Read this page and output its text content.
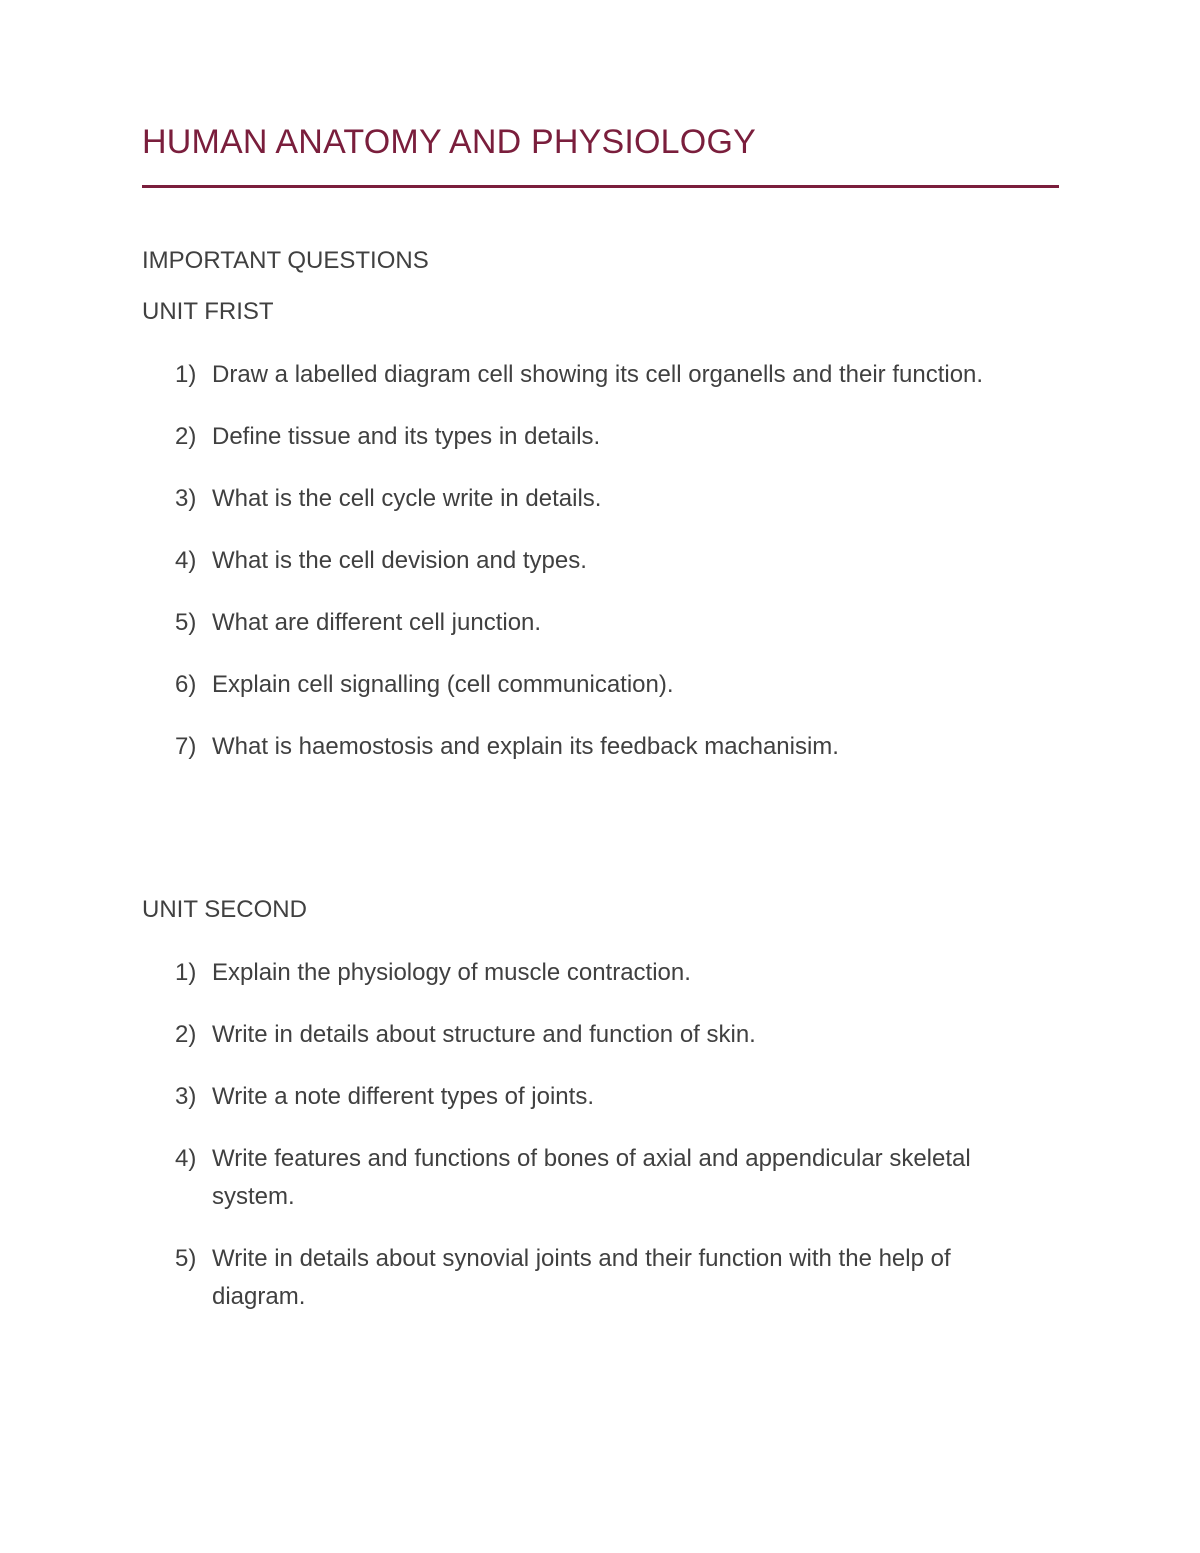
HUMAN ANATOMY AND PHYSIOLOGY
IMPORTANT QUESTIONS
UNIT FRIST
1) Draw a labelled diagram cell showing its cell organells and their function.
2) Define tissue and its types in details.
3) What is the cell cycle write in details.
4) What is the cell devision and types.
5) What are different cell junction.
6) Explain cell signalling (cell communication).
7) What is haemostosis and explain its feedback machanisim.
UNIT SECOND
1) Explain the physiology of muscle contraction.
2) Write in details about structure and function of skin.
3) Write a note different types of joints.
4) Write features and functions of bones of axial and appendicular skeletal system.
5) Write in details about synovial joints and their function with the help of diagram.
